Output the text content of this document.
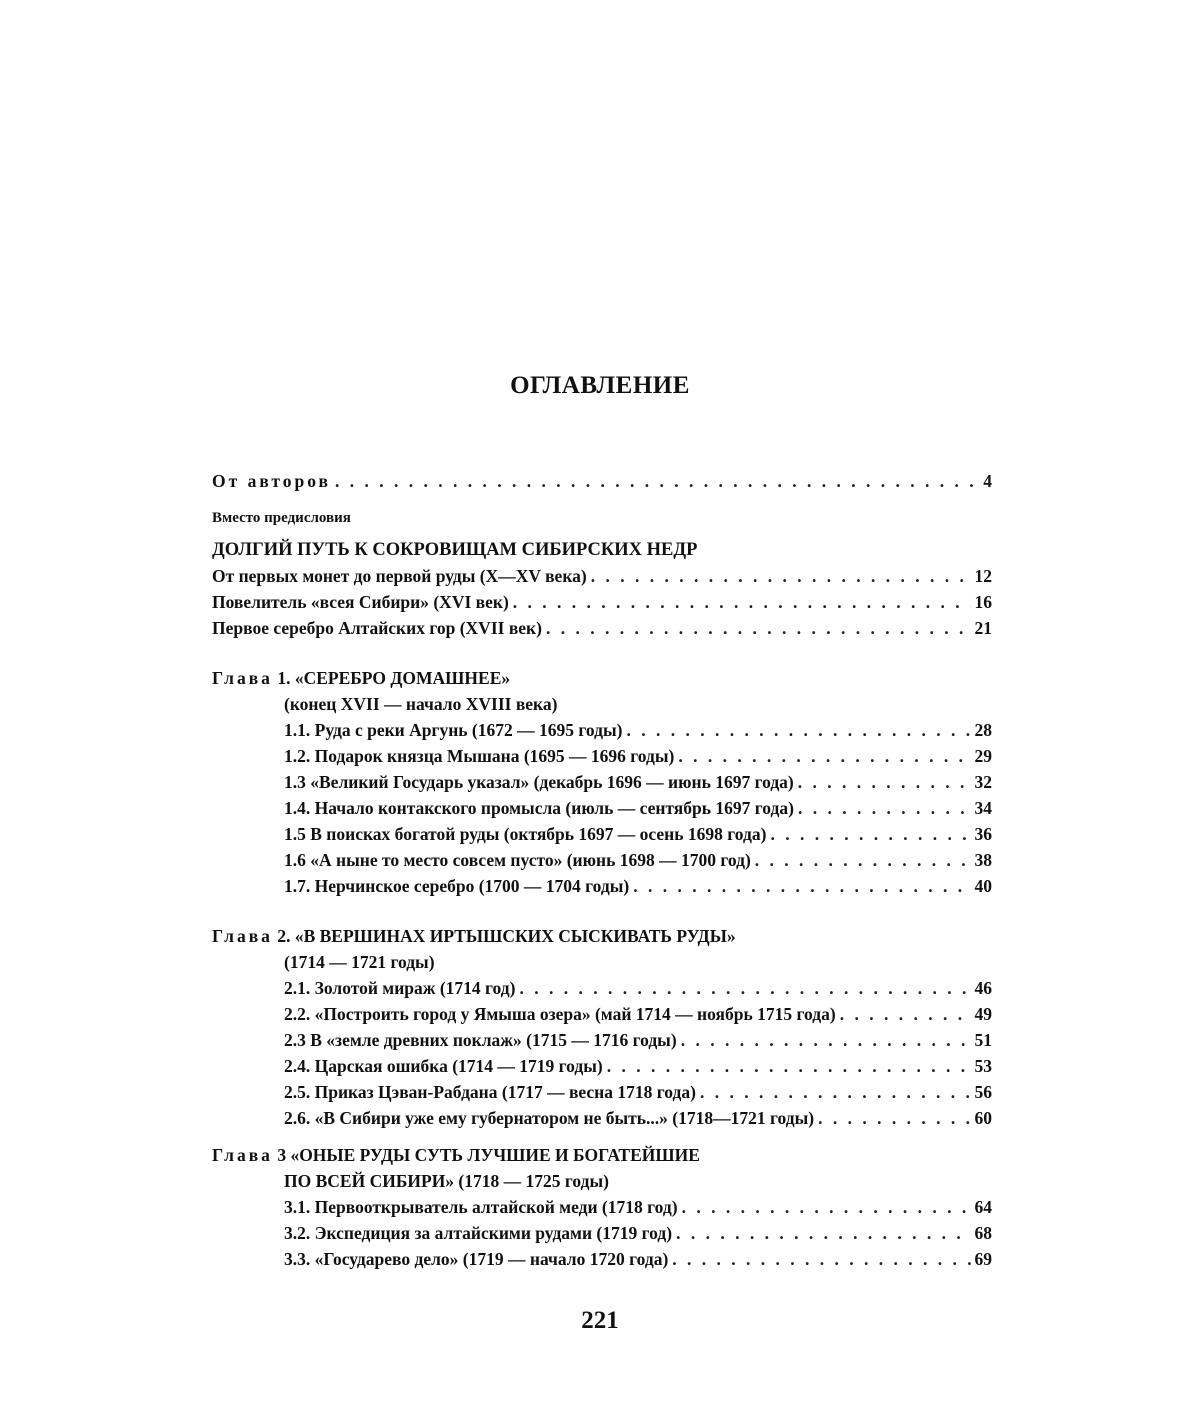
ОГЛАВЛЕНИЕ
От авторов . . .	4
Вместо предисловия
ДОЛГИЙ ПУТЬ К СОКРОВИЩАМ СИБИРСКИХ НЕДР
От первых монет до первой руды (X—XV века) . . .	12
Повелитель «всея Сибири» (XVI век) . . .	16
Первое серебро Алтайских гор (XVII век) . . .	21
Глава 1. «СЕРЕБРО ДОМАШНЕЕ»
(конец XVII — начало XVIII века)
1.1. Руда с реки Аргунь (1672 — 1695 годы) . . .	28
1.2. Подарок князца Мышана (1695 — 1696 годы) . . .	29
1.3 «Великий Государь указал» (декабрь 1696 — июнь 1697 года) . . .	32
1.4. Начало контакского промысла (июль — сентябрь 1697 года) . . .	34
1.5 В поисках богатой руды (октябрь 1697 — осень 1698 года) . . .	36
1.6 «А ныне то место совсем пусто» (июнь 1698 — 1700 год) . . .	38
1.7. Нерчинское серебро (1700 — 1704 годы) . . .	40
Глава 2. «В ВЕРШИНАХ ИРТЫШСКИХ СЫСКИВАТЬ РУДЫ»
(1714 — 1721 годы)
2.1. Золотой мираж (1714 год) . . .	46
2.2. «Построить город у Ямыша озера» (май 1714 — ноябрь 1715 года) . . .	49
2.3 В «земле древних поклаж» (1715 — 1716 годы) . . .	51
2.4. Царская ошибка (1714 — 1719 годы) . . .	53
2.5. Приказ Цэван-Рабдана (1717 — весна 1718 года) . . .	56
2.6. «В Сибири уже ему губернатором не быть...» (1718—1721 годы) . . .	60
Глава 3 «ОНЫЕ РУДЫ СУТЬ ЛУЧШИЕ И БОГАТЕЙШИЕ
ПО ВСЕЙ СИБИРИ» (1718 — 1725 годы)
3.1. Первооткрыватель алтайской меди (1718 год) . . .	64
3.2. Экспедиция за алтайскими рудами (1719 год) . . .	68
3.3. «Государево дело» (1719 — начало 1720 года) . . .	69
221
